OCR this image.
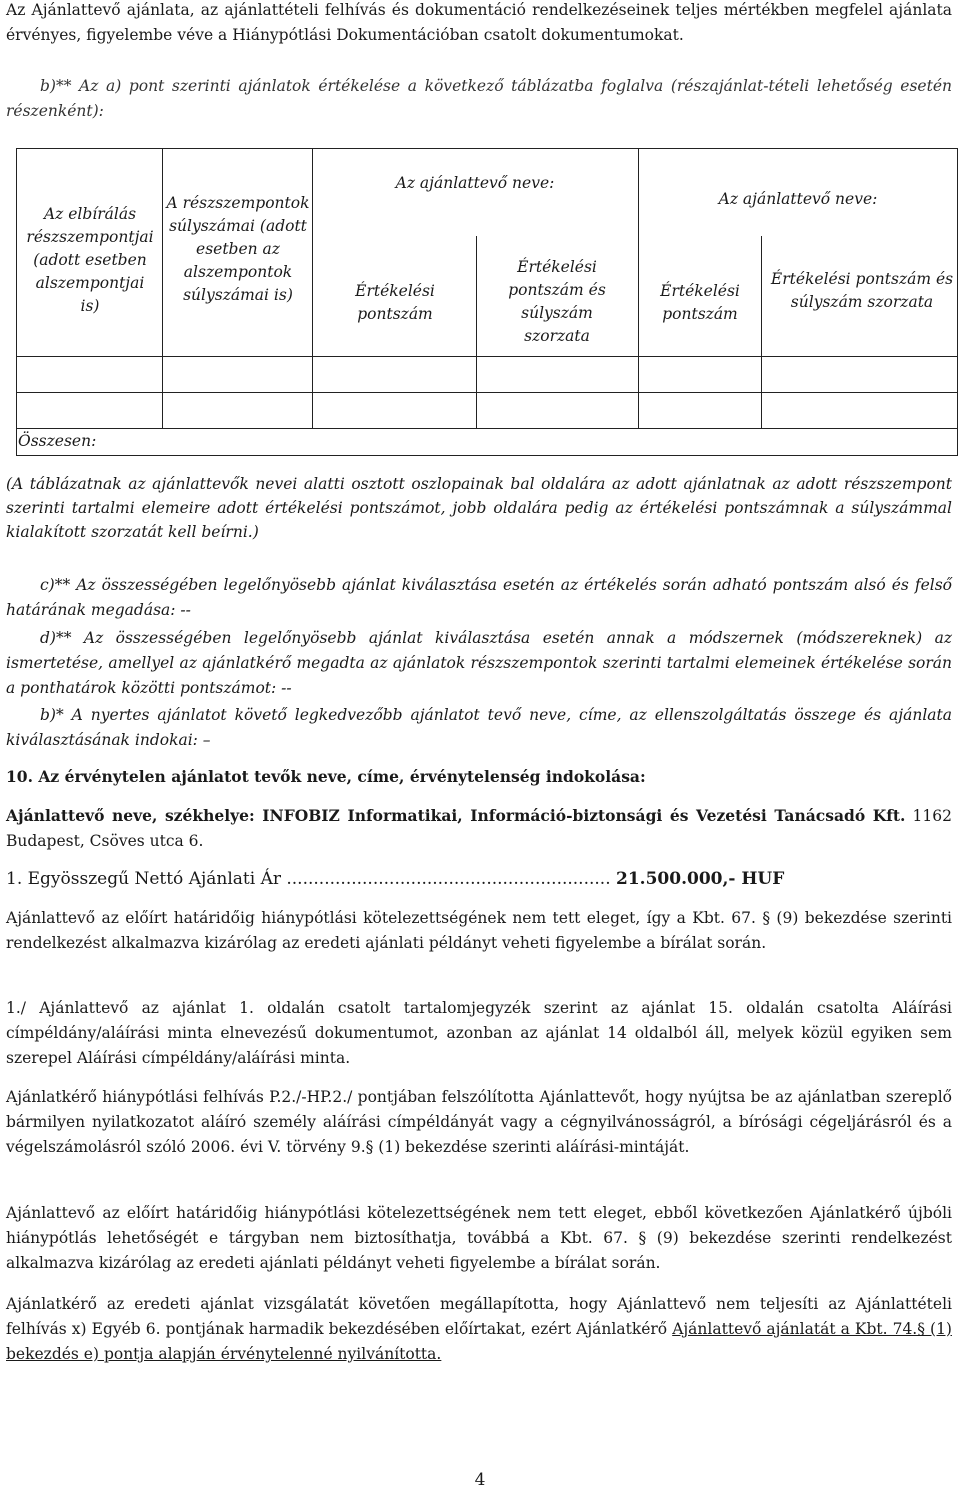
Az Ajánlattevő ajánlata, az ajánlattételi felhívás és dokumentáció rendelkezéseinek teljes mértékben megfelel ajánlata érvényes, figyelembe véve a Hiánypótlási Dokumentációban csatolt dokumentumokat.

b)** Az a) pont szerinti ajánlatok értékelése a következő táblázatba foglalva (részajánlat-tételi lehetőség esetén részenként):

Az elbírálás részszempontjai (adott esetben alszempontjai is)

A részszempontok súlyszámai (adott esetben az alszempontok súlyszámai is)

Az ajánlattevő neve:

Az ajánlattevő neve:

Értékelési pontszám

Értékelési pontszám és súlyszám szorzata

Értékelési pontszám

Értékelési pontszám és súlyszám szorzata

Összesen:

(A táblázatnak az ajánlattevők nevei alatti osztott oszlopainak bal oldalára az adott ajánlatnak az adott részszempont szerinti tartalmi elemeire adott értékelési pontszámot, jobb oldalára pedig az értékelési pontszámnak a súlyszámmal kialakított szorzatát kell beírni.)

c)** Az összességében legelőnyösebb ajánlat kiválasztása esetén az értékelés során adható pontszám alsó és felső határának megadása: --

d)** Az összességében legelőnyösebb ajánlat kiválasztása esetén annak a módszernek (módszereknek) az ismertetése, amellyel az ajánlatkérő megadta az ajánlatok részszempontok szerinti tartalmi elemeinek értékelése során a ponthatárok közötti pontszámot: --

b)* A nyertes ajánlatot követő legkedvezőbb ajánlatot tevő neve, címe, az ellenszolgáltatás összege és ajánlata kiválasztásának indokai: –

10. Az érvénytelen ajánlatot tevők neve, címe, érvénytelenség indokolása:

Ajánlattevő neve, székhelye: INFOBIZ Informatikai, Információ-biztonsági és Vezetési Tanácsadó Kft. 1162 Budapest, Csöves utca 6.

1. Egyösszegű Nettó Ajánlati Ár ............................................................ 21.500.000,- HUF

Ajánlattevő az előírt határidőig hiánypótlási kötelezettségének nem tett eleget, így a Kbt. 67. § (9) bekezdése szerinti rendelkezést alkalmazva kizárólag az eredeti ajánlati példányt veheti figyelembe a bírálat során.

1./ Ajánlattevő az ajánlat 1. oldalán csatolt tartalomjegyzék szerint az ajánlat 15. oldalán csatolta Aláírási címpéldány/aláírási minta elnevezésű dokumentumot, azonban az ajánlat 14 oldalból áll, melyek közül egyiken sem szerepel Aláírási címpéldány/aláírási minta.

Ajánlatkérő hiánypótlási felhívás P.2./-HP.2./ pontjában felszólította Ajánlattevőt, hogy nyújtsa be az ajánlatban szereplő bármilyen nyilatkozatot aláíró személy aláírási címpéldányát vagy a cégnyilvánosságról, a bírósági cégeljárásról és a végelszámolásról szóló 2006. évi V. törvény 9.§ (1) bekezdése szerinti aláírási-mintáját.

Ajánlattevő az előírt határidőig hiánypótlási kötelezettségének nem tett eleget, ebből következően Ajánlatkérő újbóli hiánypótlás lehetőségét e tárgyban nem biztosíthatja, továbbá a Kbt. 67. § (9) bekezdése szerinti rendelkezést alkalmazva kizárólag az eredeti ajánlati példányt veheti figyelembe a bírálat során.

Ajánlatkérő az eredeti ajánlat vizsgálatát követően megállapította, hogy Ajánlattevő nem teljesíti az Ajánlattételi felhívás x) Egyéb 6. pontjának harmadik bekezdésében előírtakat, ezért Ajánlatkérő Ajánlattevő ajánlatát a Kbt. 74.§ (1) bekezdés e) pontja alapján érvénytelenné nyilvánította.

4
